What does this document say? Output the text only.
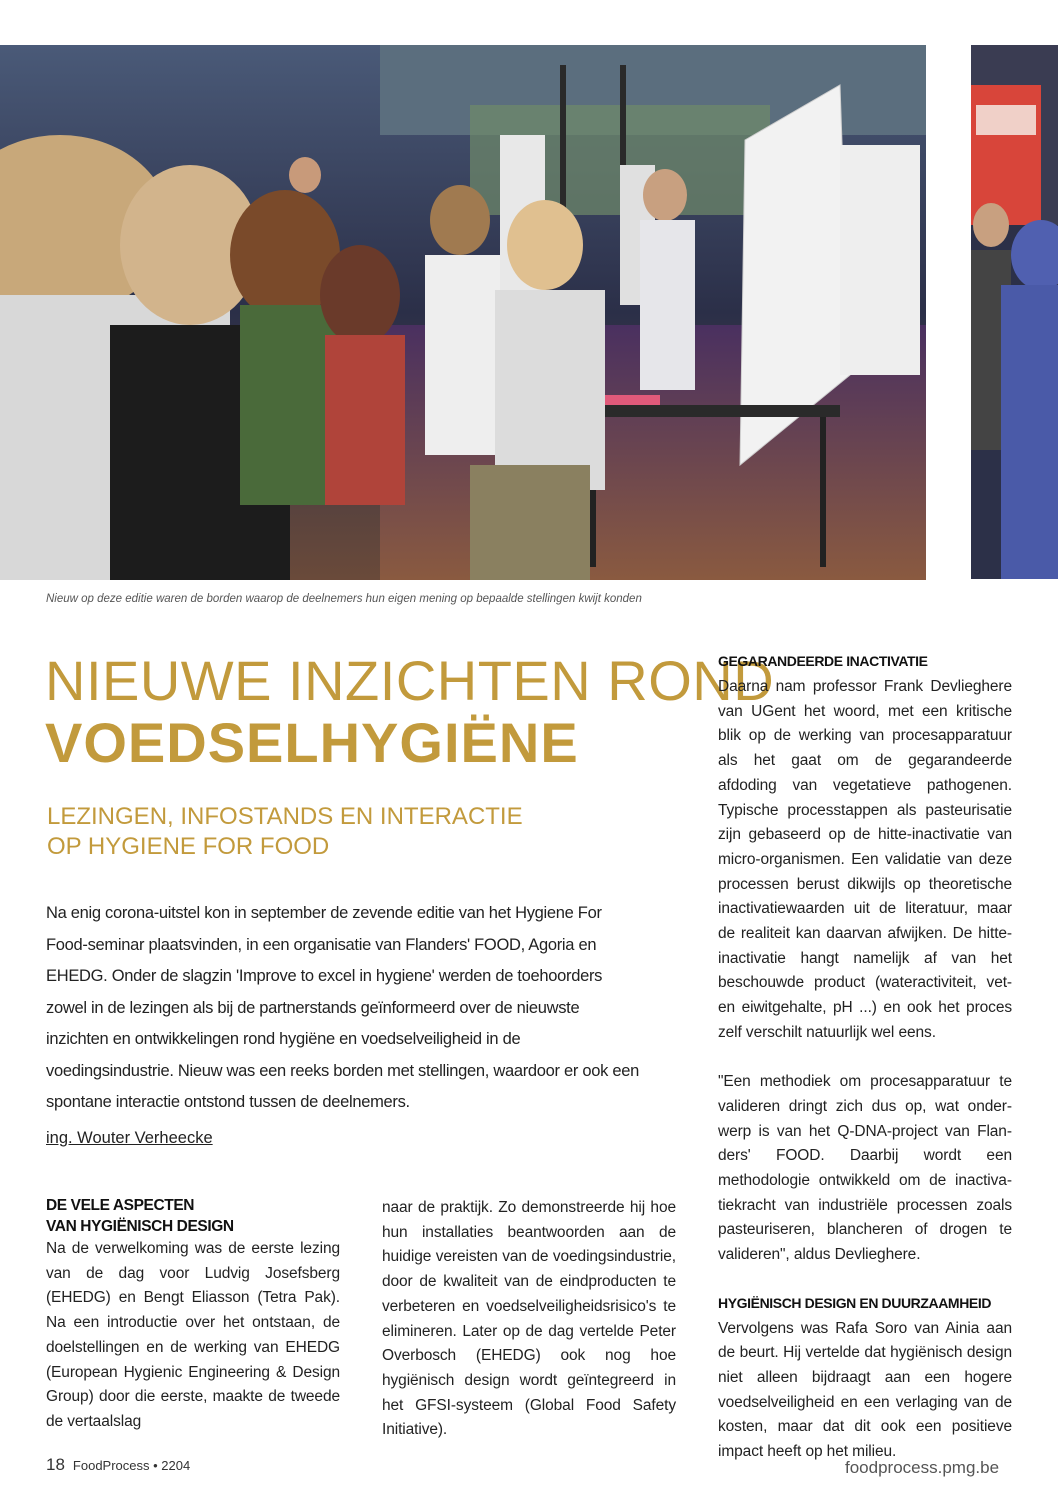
Nieuw op deze editie waren de borden waarop de deelnemers hun eigen mening op bepaalde stellingen kwijt konden
NIEUWE INZICHTEN ROND
VOEDSELHYGIËNE
LEZINGEN, INFOSTANDS EN INTERACTIE
OP HYGIENE FOR FOOD
Na enig corona-uitstel kon in september de zevende editie van het Hygiene For Food-seminar plaatsvinden, in een organisatie van Flanders' FOOD, Agoria en EHEDG. Onder de slagzin 'Improve to excel in hygiene' werden de toehoorders zowel in de lezingen als bij de partnerstands geïnformeerd over de nieuwste inzichten en ontwikkelingen rond hygiëne en voedselveiligheid in de voedingsindustrie. Nieuw was een reeks borden met stellingen, waardoor er ook een spontane interactie ontstond tussen de deelnemers.
ing. Wouter Verheecke
DE VELE ASPECTEN
VAN HYGIËNISCH DESIGN

Na de verwelkoming was de eerste lezing van de dag voor Ludvig Josefsberg (EHEDG) en Bengt Eliasson (Tetra Pak). Na een introductie over het ontstaan, de doelstellingen en de werking van EHEDG (European Hygienic Engineering & Design Group) door die eerste, maakte de tweede de vertaalslag

naar de praktijk. Zo demonstreerde hij hoe hun installaties beantwoorden aan de huidige vereisten van de voedingsindustrie, door de kwaliteit van de eindproducten te verbeteren en voedselveiligheidsrisico's te elimineren. Later op de dag vertelde Peter Overbosch (EHEDG) ook nog hoe hygiënisch design wordt geïntegreerd in het GFSI-systeem (Global Food Safety Initiative).

GEGARANDEERDE INACTIVATIE

Daarna nam professor Frank Devlieghere van UGent het woord, met een kritische blik op de werking van procesapparatuur als het gaat om de gegarandeerde afdoding van vegetatieve pathogenen. Typische processtappen als pasteurisatie zijn gebaseerd op de hitte-inactivatie van micro-organismen. Een validatie van deze processen berust dikwijls op theoretische inactivatiewaarden uit de literatuur, maar de realiteit kan daarvan afwijken. De hitte-inactivatie hangt namelijk af van het beschouwde product (wateractiviteit, vet- en eiwitgehalte, pH ...) en ook het proces zelf verschilt natuurlijk wel eens.

"Een methodiek om procesapparatuur te valideren dringt zich dus op, wat onderwerp is van het Q-DNA-project van Flanders' FOOD. Daarbij wordt een methodologie ontwikkeld om de inactivatiekracht van industriële processen zoals pasteuriseren, blancheren of drogen te valideren", aldus Devlieghere.

HYGIËNISCH DESIGN EN DUURZAAMHEID

Vervolgens was Rafa Soro van Ainia aan de beurt. Hij vertelde dat hygiënisch design niet alleen bijdraagt aan een hogere voedselveiligheid en een verlaging van de kosten, maar dat dit ook een positieve impact heeft op het milieu.

18 FoodProcess • 2204	foodprocess.pmg.be
